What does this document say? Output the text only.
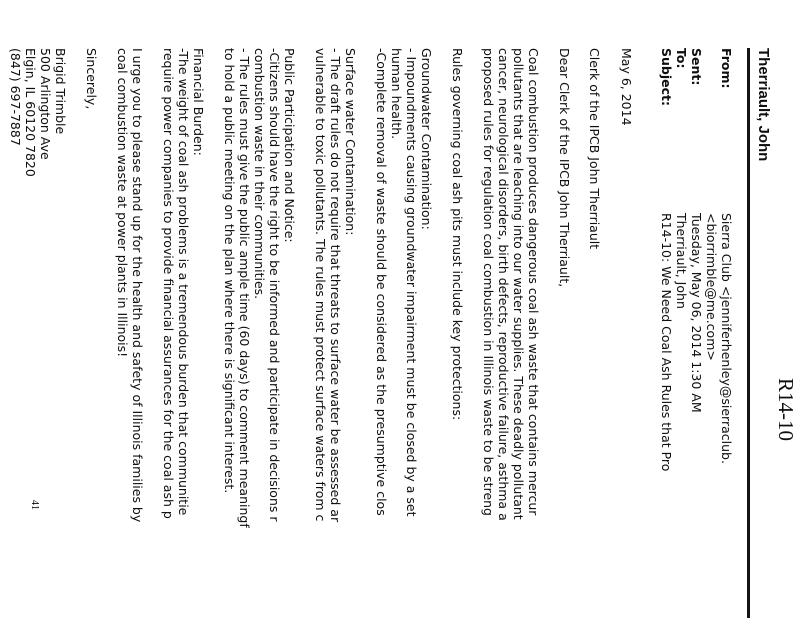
R14-10
Therriault, John
From:
Sierra Club <jenniferhenley@sierraclub.
<biorrimble@me.com>
Sent:
Tuesday, May 06, 2014 1:30 AM
To:
Therriault, John
Subject:
R14-10: We Need Coal Ash Rules that Pro
May 6, 2014
Clerk of the IPCB John Therriault
Dear Clerk of the IPCB John Therriault,
Coal combustion produces dangerous coal ash waste that contains mercur
pollutants that are leaching into our water supplies. These deadly pollutant
cancer, neurological disorders, birth defects, reproductive failure, asthma a
proposed rules for regulation coal combustion in Illinois waste to be streng
Rules governing coal ash pits must include key protections:
Groundwater Contamination:
- Impoundments causing groundwater impairment must be closed by a set
human health.
-Complete removal of waste should be considered as the presumptive clos
Surface water Contamination:
- The draft rules do not require that threats to surface water be assessed ar
vulnerable to toxic pollutants. The rules must protect surface waters from c
Public Participation and Notice:
-Citizens should have the right to be informed and participate in decisions r
combustion waste in their communities.
- The rules must give the public ample time (60 days) to comment meaningf
to hold a public meeting on the plan where there is significant interest.
Financial Burden:
-The weight of coal ash problems is a tremendous burden that communitie
require power companies to provide financial assurances for the coal ash p
I urge you to please stand up for the health and safety of Illinois families by
coal combustion waste at power plants in Illinois!
Sincerely,
Brigid Trimble
500 Arlington Ave
Elgin, IL 60120 7820
(847) 697-7887
41
